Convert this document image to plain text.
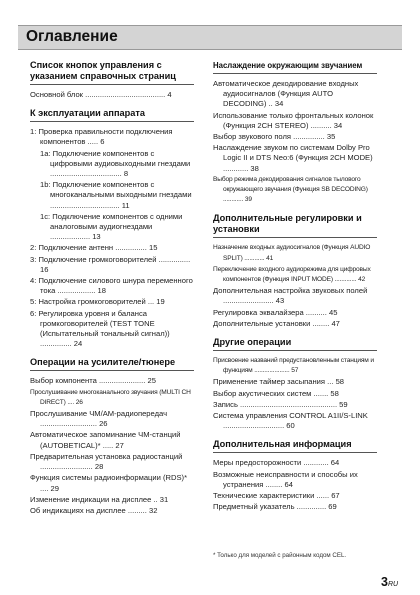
Оглавление
Список кнопок управления с указанием справочных страниц
Основной блок ...................................... 4
К эксплуатации аппарата
1: Проверка правильности подключения компонентов ..... 6
1a: Подключение компонентов с цифровыми аудиовыходными гнездами .................................. 8
1b: Подключение компонентов с многоканальными выходными гнездами ................................. 11
1c: Подключение компонентов с одними аналоговыми аудиогнездами ................... 13
2: Подключение антенн ............... 15
3: Подключение громкоговорителей ............... 16
4: Подключение силового шнура переменного тока .................. 18
5: Настройка громкоговорителей ... 19
6: Регулировка уровня и баланса громкоговорителей (TEST TONE (Испытательный тональный сигнал)) ............... 24
Операции на усилителе/тюнере
Выбор компонента ...................... 25
Прослушивание многоканального звучания (MULTI CH DIRECT) .... 26
Прослушивание ЧМ/AM-радиопередач ........................... 26
Автоматическое запоминание ЧМ-станций (AUTOBETICAL)* ..... 27
Предварительная установка радиостанций ......................... 28
Функция системы радиоинформации (RDS)* .... 29
Изменение индикации на дисплее .. 31
Об индикациях на дисплее ......... 32
Наслаждение окружающим звучанием
Автоматическое декодирование входных аудиосигналов (Функция AUTO DECODING) .. 34
Использование только фронтальных колонок (Функция 2CH STEREO) .......... 34
Выбор звукового поля ............... 35
Наслаждение звуком по системам Dolby Pro Logic II и DTS Neo:6 (Функция 2CH MODE) ............ 38
Выбор режима декодирования сигналов тылового окружающего звучания (Функция SB DECODING) ............ 39
Дополнительные регулировки и установки
Назначение входных аудиосигналов (Функция AUDIO SPLIT) ............ 41
Переключение входного аудиорежима для цифровых компонентов (Функция INPUT MODE) ............. 42
Дополнительная настройка звуковых полей ........................ 43
Регулировка эквалайзера .......... 45
Дополнительные установки ........ 47
Другие операции
Присвоение названий предустановленным станциям и функциям ..................... 57
Применение таймер засыпания ... 58
Выбор акустических систем ....... 58
Запись .............................................. 59
Система управления CONTROL A1II/S-LINK ............................. 60
Дополнительная информация
Меры предосторожности ............ 64
Возможные неисправности и способы их устранения ........ 64
Технические характеристики ...... 67
Предметный указатель .............. 69
* Только для моделей с районным кодом CEL.
3RU
